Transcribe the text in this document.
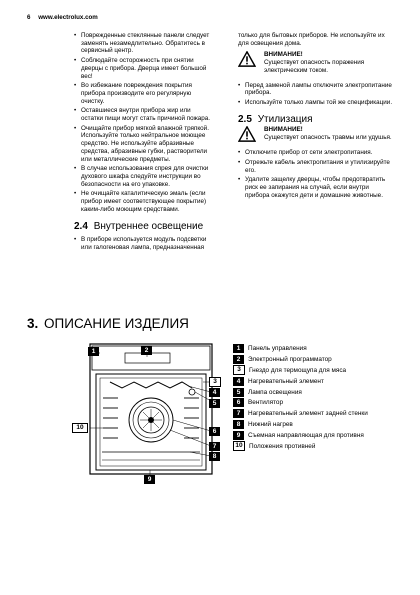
6 www.electrolux.com
• Поврежденные стеклянные панели следует заменять незамедлительно. Обратитесь в сервисный центр.
• Соблюдайте осторожность при снятии дверцы с прибора. Дверца имеет большой вес!
• Во избежание повреждения покрытия прибора производите его регулярную очистку.
• Оставшиеся внутри прибора жир или остатки пищи могут стать причиной пожара.
• Очищайте прибор мягкой влажной тряпкой. Используйте только нейтральное моющее средство. Не используйте абразивные средства, абразивные губки, растворители или металлические предметы.
• В случае использования спрея для очистки духового шкафа следуйте инструкции во безопасности на его упаковке.
• Не очищайте каталитическую эмаль (если прибор имеет соответствующее покрытие) каким-либо моющим средствами.
2.4 Внутреннее освещение
• В приборе используется модуль подсветки или галогеновая лампа, предназначенная
только для бытовых приборов. Не используйте их для освещения дома.
ВНИМАНИЕ!
Существует опасность поражения электрическим током.
• Перед заменой лампы отключите электропитание прибора.
• Используйте только лампы той же спецификации.
2.5 Утилизация
ВНИМАНИЕ!
Существует опасность травмы или удушья.
• Отключите прибор от сети электропитания.
• Отрежьте кабель электропитания и утилизируйте его.
• Удалите защелку дверцы, чтобы предотвратить риск ее запирания на случай, если внутри прибора окажутся дети и домашние животные.
3. ОПИСАНИЕ ИЗДЕЛИЯ
1	2
3
4
5
6
7
8
10
9
1	Панель управления
2	Электронный программатор
3	Гнездо для термощупа для мяса
4	Нагревательный элемент
5	Лампа освещения
6	Вентилятор
7	Нагревательный элемент задней стенки
8	Нижний нагрев
9	Съемная направляющая для противня
10 Положения противней
